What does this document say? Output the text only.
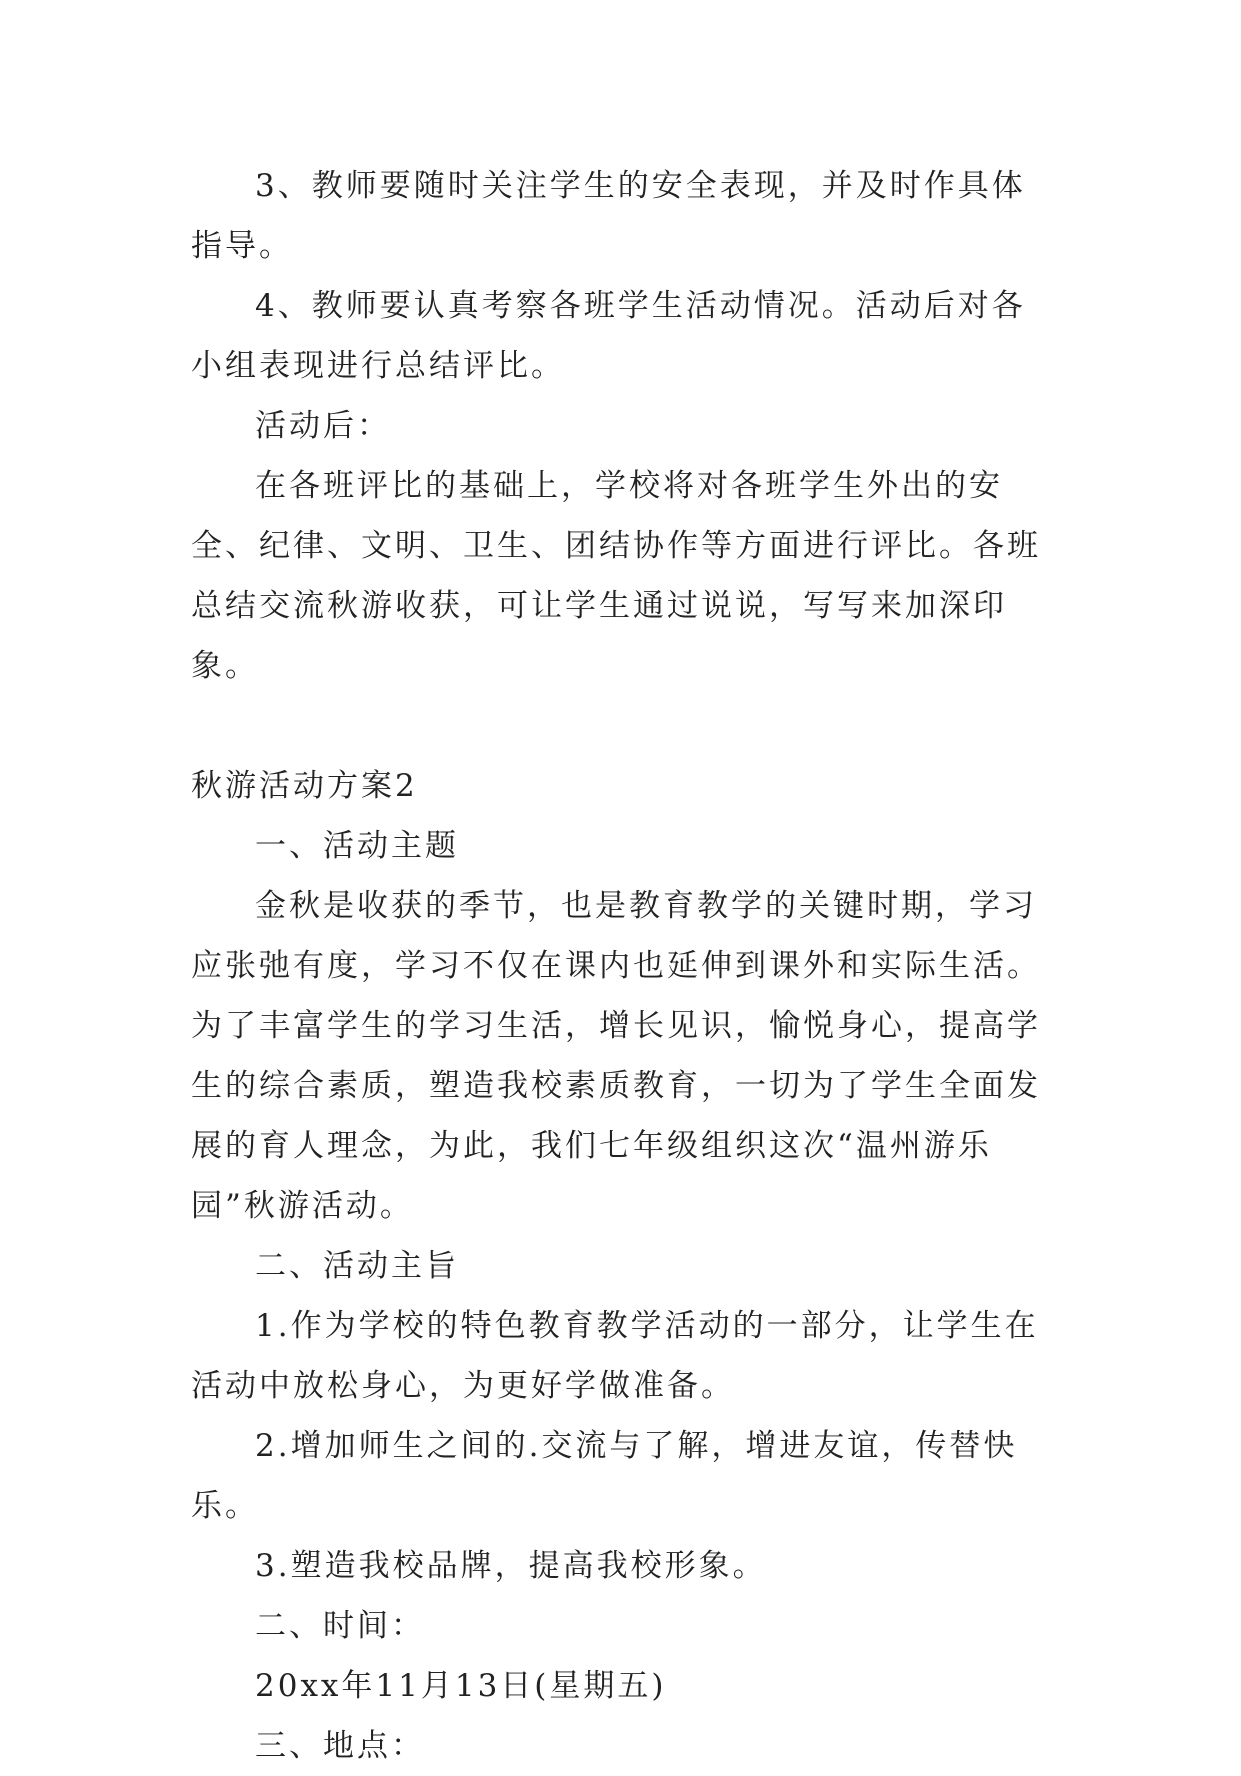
3、教师要随时关注学生的安全表现，并及时作具体指导。

4、教师要认真考察各班学生活动情况。活动后对各小组表现进行总结评比。

活动后：

在各班评比的基础上，学校将对各班学生外出的安全、纪律、文明、卫生、团结协作等方面进行评比。各班总结交流秋游收获，可让学生通过说说，写写来加深印象。

秋游活动方案2

一、活动主题

金秋是收获的季节，也是教育教学的关键时期，学习应张弛有度，学习不仅在课内也延伸到课外和实际生活。为了丰富学生的学习生活，增长见识，愉悦身心，提高学生的综合素质，塑造我校素质教育，一切为了学生全面发展的育人理念，为此，我们七年级组织这次“温州游乐园”秋游活动。

二、活动主旨

1.作为学校的特色教育教学活动的一部分，让学生在活动中放松身心，为更好学做准备。

2.增加师生之间的.交流与了解，增进友谊，传替快乐。

3.塑造我校品牌，提高我校形象。

二、时间：

20xx年11月13日(星期五)

三、地点：
